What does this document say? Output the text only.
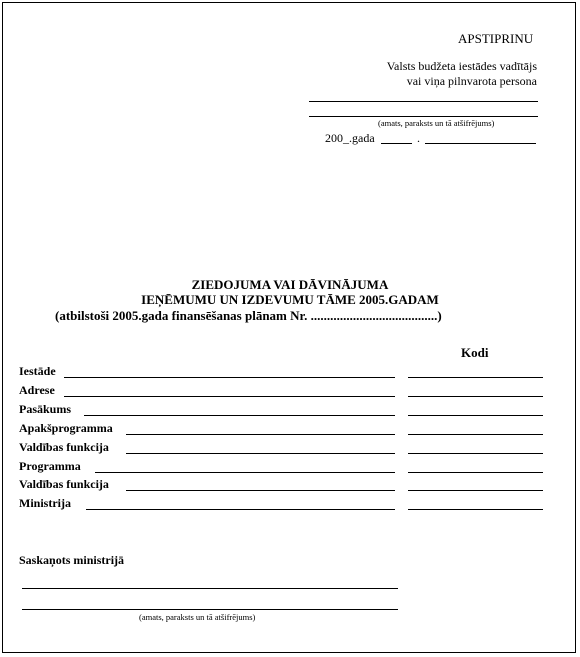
APSTIPRINU
Valsts budžeta iestādes vadītājs
vai viņa pilnvarota persona
(amats, paraksts un tā atšifrējums)
200_.gada	.
ZIEDOJUMA VAI DĀVINĀJUMA
IEŅĒMUMU UN IZDEVUMU TĀME 2005.GADAM
(atbilstoši 2005.gada finansēšanas plānam Nr. .......................................)
Kodi
Iestāde
Adrese
Pasākums
Apakšprogramma
Valdības funkcija
Programma
Valdības funkcija
Ministrija
Saskaņots ministrijā
(amats, paraksts un tā atšifrējums)
